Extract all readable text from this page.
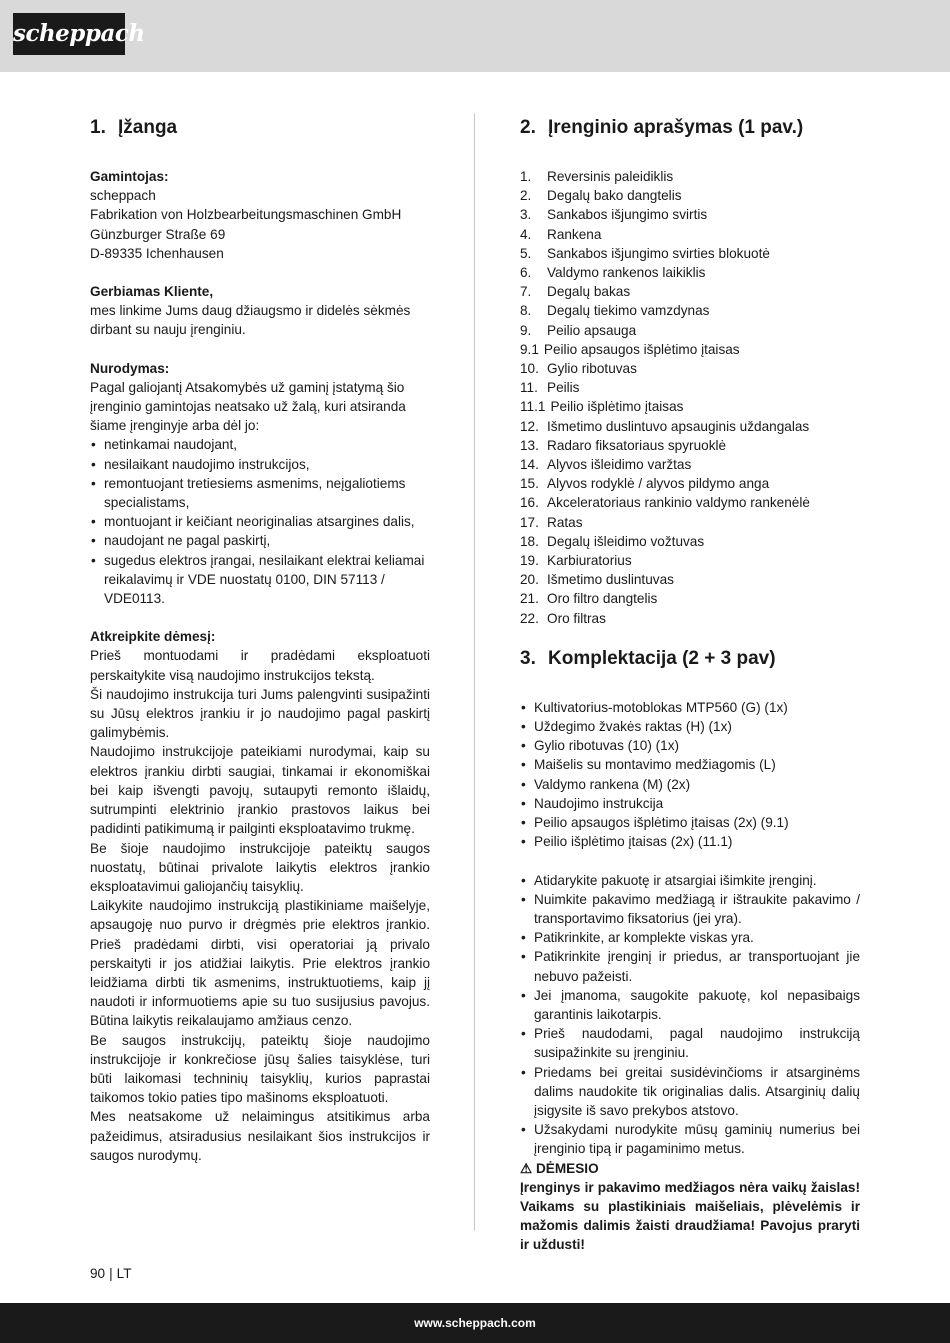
scheppach
1. Įžanga
Gamintojas:
scheppach
Fabrikation von Holzbearbeitungsmaschinen GmbH
Günzburger Straße 69
D-89335 Ichenhausen
Gerbiamas Kliente,
mes linkime Jums daug džiaugsmo ir didelės sėkmės dirbant su nauju įrenginiu.
Nurodymas:
Pagal galiojantį Atsakomybės už gaminį įstatymą šio įrenginio gamintojas neatsako už žalą, kuri atsiranda šiame įrenginyje arba dėl jo:
• netinkamai naudojant,
• nesilaikant naudojimo instrukcijos,
• remontuojant tretiesiems asmenims, neįgaliotiems specialistams,
• montuojant ir keičiant neoriginalias atsargines dalis,
• naudojant ne pagal paskirtį,
• sugedus elektros įrangai, nesilaikant elektrai keliamai reikalavimų ir VDE nuostatų 0100, DIN 57113 / VDE0113.
Atkreipkite dėmesį:
Prieš montuodami ir pradėdami eksploatuoti perskaitykite visą naudojimo instrukcijos tekstą.
Ši naudojimo instrukcija turi Jums palengvinti susipažinti su Jūsų elektros įrankiu ir jo naudojimo pagal paskirtį galimybėmis.
Naudojimo instrukcijoje pateikiami nurodymai, kaip su elektros įrankiu dirbti saugiai, tinkamai ir ekonomiškai bei kaip išvengti pavojų, sutaupyti remonto išlaidų, sutrumpinti elektrinio įrankio prastovos laikus bei padidinti patikimumą ir pailginti eksploatavimo trukmę.
Be šioje naudojimo instrukcijoje pateiktų saugos nuostatų, būtinai privalote laikytis elektros įrankio eksploatavimui galiojančių taisyklių.
Laikykite naudojimo instrukciją plastikiniame maišelyje, apsaugoję nuo purvo ir drėgmės prie elektros įrankio. Prieš pradėdami dirbti, visi operatoriai ją privalo perskaityti ir jos atidžiai laikytis. Prie elektros įrankio leidžiama dirbti tik asmenims, instruktuotiems, kaip jį naudoti ir informuotiems apie su tuo susijusius pavojus. Būtina laikytis reikalaujamo amžiaus cenzo.
Be saugos instrukcijų, pateiktų šioje naudojimo instrukcijoje ir konkrečiose jūsų šalies taisyklėse, turi būti laikomasi techninių taisyklių, kurios paprastai taikomos tokio paties tipo mašinoms eksploatuoti.
Mes neatsakome už nelaimingus atsitikimus arba pažeidimus, atsiradusius nesilaikant šios instrukcijos ir saugos nurodymų.
2. Įrenginio aprašymas (1 pav.)
1.	Reversinis paleidiklis
2.	Degalų bako dangtelis
3.	Sankabos išjungimo svirtis
4.	Rankena
5.	Sankabos išjungimo svirties blokuotė
6.	Valdymo rankenos laikiklis
7.	Degalų bakas
8.	Degalų tiekimo vamzdynas
9.	Peilio apsauga
9.1 Peilio apsaugos išplėtimo įtaisas
10. Gylio ribotuvas
11. Peilis
11.1 Peilio išplėtimo įtaisas
12. Išmetimo duslintuvo apsauginis uždangalas
13. Radaro fiksatoriaus spyruoklė
14. Alyvos išleidimo varžtas
15. Alyvos rodyklė / alyvos pildymo anga
16. Akceleratoriaus rankinio valdymo rankenėlė
17. Ratas
18. Degalų išleidimo vožtuvas
19. Karbiuratorius
20. Išmetimo duslintuvas
21. Oro filtro dangtelis
22. Oro filtras
3. Komplektacija (2 + 3 pav)
• Kultivatorius-motoblokas MTP560 (G) (1x)
• Uždegimo žvakės raktas (H) (1x)
• Gylio ribotuvas (10) (1x)
• Maišelis su montavimo medžiagomis (L)
• Valdymo rankena (M) (2x)
• Naudojimo instrukcija
• Peilio apsaugos išplėtimo įtaisas (2x) (9.1)
• Peilio išplėtimo įtaisas (2x) (11.1)
• Atidarykite pakuotę ir atsargiai išimkite įrenginį.
• Nuimkite pakavimo medžiagą ir ištraukite pakavimo / transportavimo fiksatorius (jei yra).
• Patikrinkite, ar komplekte viskas yra.
• Patikrinkite įrenginį ir priedus, ar transportuojant jie nebuvo pažeisti.
• Jei įmanoma, saugokite pakuotę, kol nepasibaigs garantinis laikotarpis.
• Prieš naudodami, pagal naudojimo instrukciją susipažinkite su įrenginiu.
• Priedams bei greitai susidėvinčioms ir atsarginėms dalims naudokite tik originalias dalis. Atsarginių dalių įsigysite iš savo prekybos atstovo.
• Užsakydami nurodykite mūsų gaminių numerius bei įrenginio tipą ir pagaminimo metus.
⚠ DĖMESIO
Įrenginys ir pakavimo medžiagos nėra vaikų žaislas! Vaikams su plastikiniais maišeliais, plėvelėmis ir mažomis dalimis žaisti draudžiama! Pavojus praryti ir uždusti!
90 | LT
www.scheppach.com
